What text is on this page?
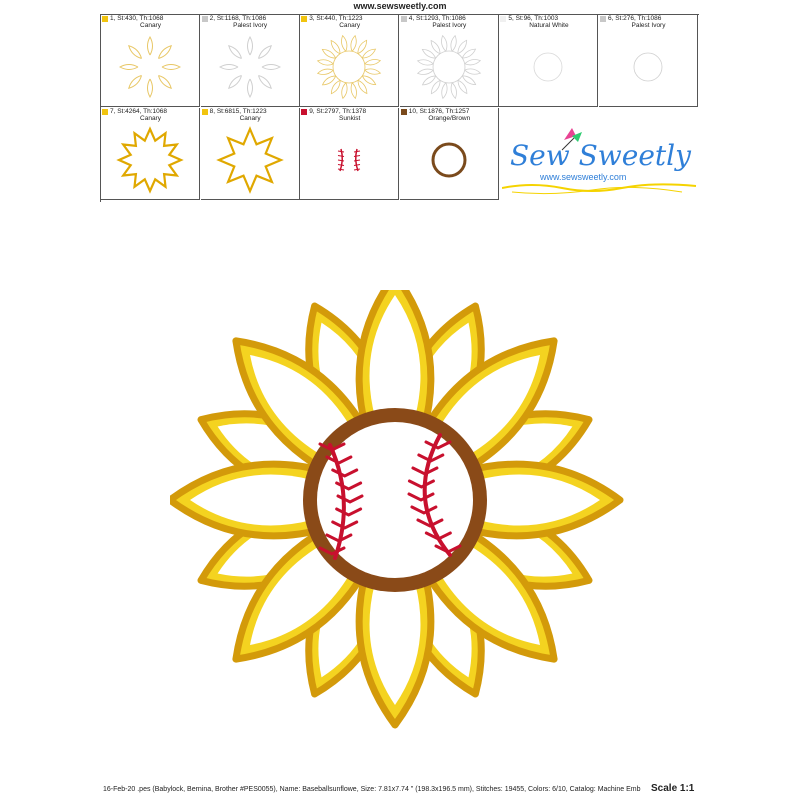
www.sewsweetly.com
1, St:430, Th:1068
Canary
2, St:1168, Th:1086
Palest Ivory
3, St:440, Th:1223
Canary
4, St:1293, Th:1086
Palest Ivory
5, St:96, Th:1003
Natural White
6, St:276, Th:1086
Palest Ivory
7, St:4264, Th:1068
Canary
8, St:6815, Th:1223
Canary
9, St:2797, Th:1378
Sunkist
10, St:1876, Th:1257
Orange/Brown
Sew Sweetly
www.sewsweetly.com
16-Feb-20 .pes (Babylock, Bernina, Brother #PES0055), Name: Baseballsunflowe, Size: 7.81x7.74 " (198.3x196.5 mm), Stitches: 19455, Colors: 6/10, Catalog: Machine Emb Scale 1:1
